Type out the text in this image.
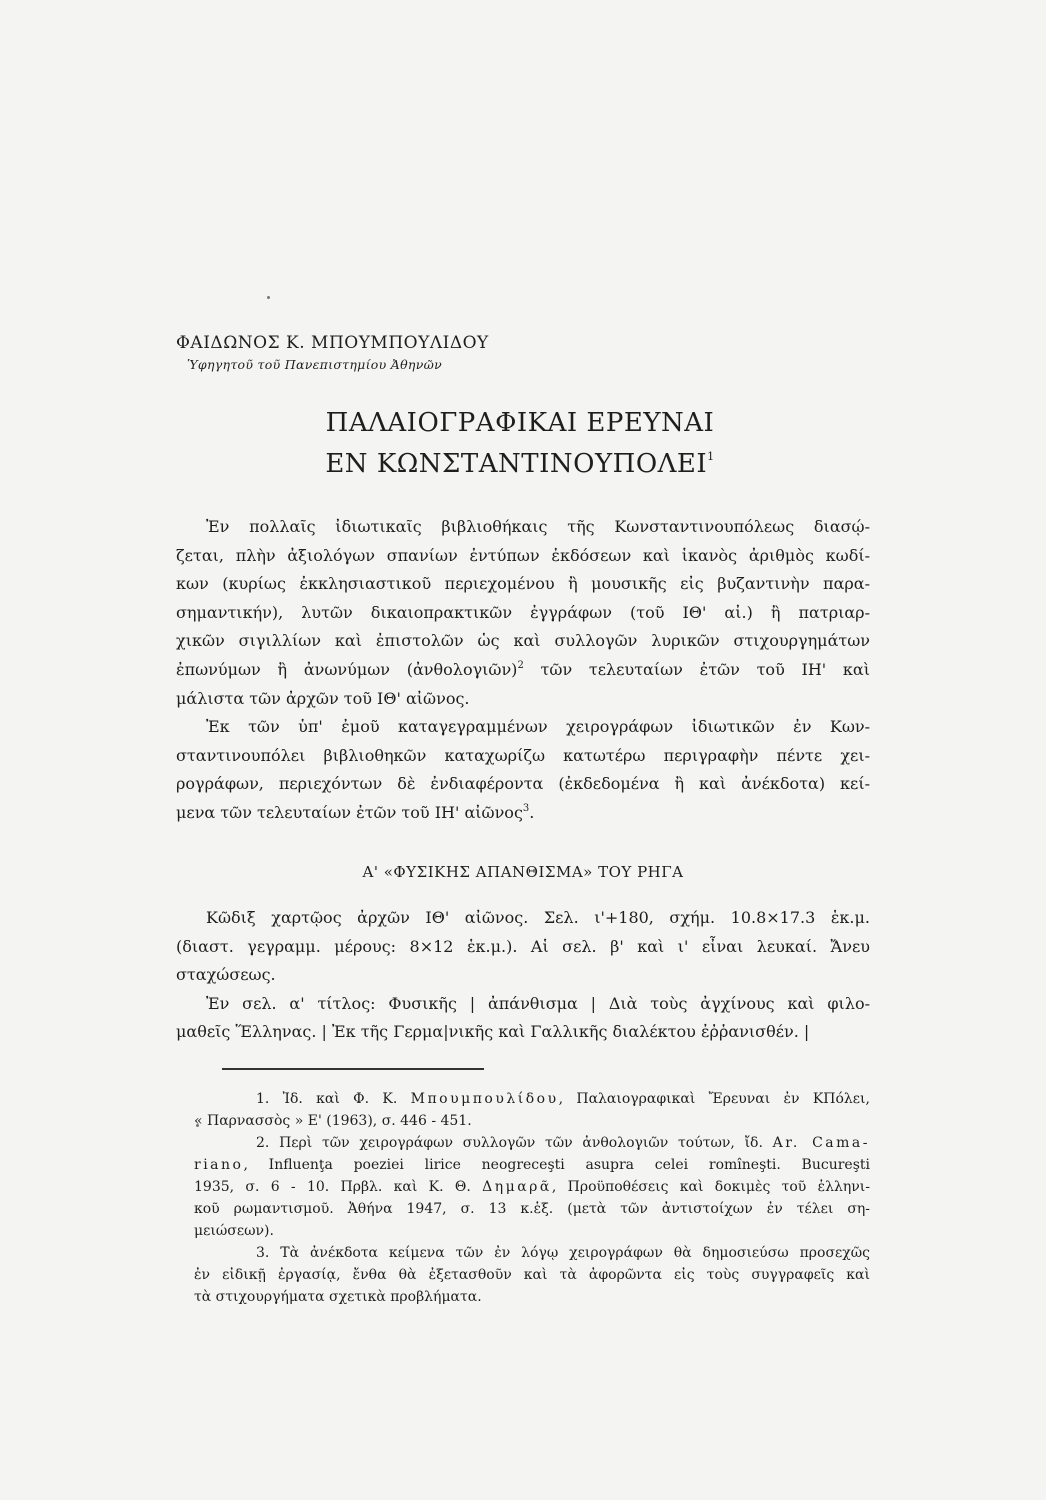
ΦΑΙΔΩΝΟΣ Κ. ΜΠΟΥΜΠΟΥΛΙΔΟΥ
Ὑφηγητοῦ τοῦ Πανεπιστημίου Ἀθηνῶν
ΠΑΛΑΙΟΓΡΑΦΙΚΑΙ ΕΡΕΥΝΑΙ
ΕΝ ΚΩΝΣΤΑΝΤΙΝΟΥΠΟΛΕΙ$^1$
Ἐν πολλαῖς ἰδιωτικαῖς βιβλιοθήκαις τῆς Κωνσταντινουπόλεως διασῴ-
ζεται, πλὴν ἀξιολόγων σπανίων ἐντύπων ἐκδόσεων καὶ ἱκανὸς ἀριθμὸς κωδί-
κων (κυρίως ἐκκλησιαστικοῦ περιεχομένου ἢ μουσικῆς εἰς βυζαντινὴν παρα-
σημαντικήν), λυτῶν δικαιοπρακτικῶν ἐγγράφων (τοῦ ΙΘ' αἰ.) ἢ πατριαρ-
χικῶν σιγιλλίων καὶ ἐπιστολῶν ὡς καὶ συλλογῶν λυρικῶν στιχουργημάτων
ἐπωνύμων ἢ ἀνωνύμων (ἀνθολογιῶν)$^2$ τῶν τελευταίων ἐτῶν τοῦ ΙΗ' καὶ
μάλιστα τῶν ἀρχῶν τοῦ ΙΘ' αἰῶνος.
Ἐκ τῶν ὑπ' ἐμοῦ καταγεγραμμένων χειρογράφων ἰδιωτικῶν ἐν Κων-
σταντινουπόλει βιβλιοθηκῶν καταχωρίζω κατωτέρω περιγραφὴν πέντε χει-
ρογράφων, περιεχόντων δὲ ἐνδιαφέροντα (ἐκδεδομένα ἢ καὶ ἀνέκδοτα) κεί-
μενα τῶν τελευταίων ἐτῶν τοῦ ΙΗ' αἰῶνος$^3$.
Α' «ΦΥΣΙΚΗΣ ΑΠΑΝΘΙΣΜΑ» ΤΟΥ ΡΗΓΑ
Κῶδιξ χαρτῷος ἀρχῶν ΙΘ' αἰῶνος. Σελ. ι'+180, σχήμ. 10.8×17.3 ἑκ.μ.
(διαστ. γεγραμμ. μέρους: 8×12 ἑκ.μ.). Αἱ σελ. β' καὶ ι' εἶναι λευκαί. Ἄνευ
σταχώσεως.
Ἐν σελ. α' τίτλος: Φυσικῆς | ἀπάνθισμα | Διὰ τοὺς ἀγχίνους καὶ φιλο-
μαθεῖς Ἕλληνας. | Ἐκ τῆς Γερμα|νικῆς καὶ Γαλλικῆς διαλέκτου ἐῤῥανισθέν. |
1. Ἰδ. καὶ Φ. Κ. Μπουμπουλίδου, Παλαιογραφικαὶ Ἔρευναι ἐν ΚΠόλει,
« Παρνασσὸς » Ε' (1963), σ. 446 - 451.
2. Περὶ τῶν χειρογράφων συλλογῶν τῶν ἀνθολογιῶν τούτων, ἴδ. Ar. Cama-
riano, Influenţa poeziei lirice neogreceşti asupra celei romîneşti. Bucureşti
1935, σ. 6 - 10. Πρβλ. καὶ Κ. Θ. Δημαρᾶ, Προϋποθέσεις καὶ δοκιμὲς τοῦ ἑλληνι-
κοῦ ρωμαντισμοῦ. Ἀθήνα 1947, σ. 13 κ.ἑξ. (μετὰ τῶν ἀντιστοίχων ἐν τέλει ση-
μειώσεων).
3. Τὰ ἀνέκδοτα κείμενα τῶν ἐν λόγῳ χειρογράφων θὰ δημοσιεύσω προσεχῶς
ἐν εἰδικῇ ἐργασίᾳ, ἔνθα θὰ ἐξετασθοῦν καὶ τὰ ἀφορῶντα εἰς τοὺς συγγραφεῖς καὶ
τὰ στιχουργήματα σχετικὰ προβλήματα.
